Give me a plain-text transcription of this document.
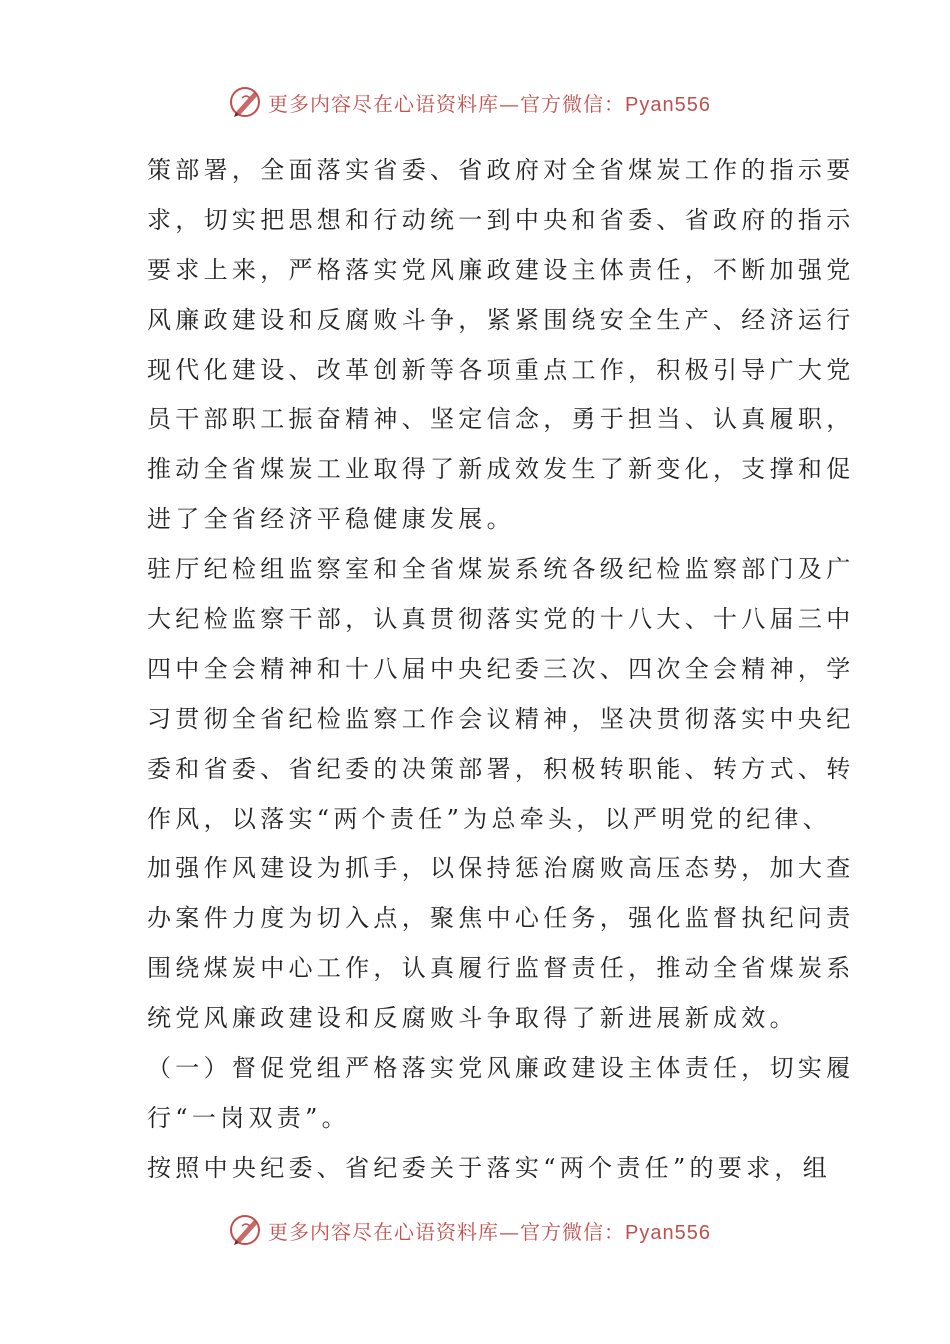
更多内容尽在心语资料库—官方微信：Pyan556
策部署，全面落实省委、省政府对全省煤炭工作的指示要
求，切实把思想和行动统一到中央和省委、省政府的指示
要求上来，严格落实党风廉政建设主体责任，不断加强党
风廉政建设和反腐败斗争，紧紧围绕安全生产、经济运行
现代化建设、改革创新等各项重点工作，积极引导广大党
员干部职工振奋精神、坚定信念，勇于担当、认真履职，
推动全省煤炭工业取得了新成效发生了新变化，支撑和促
进了全省经济平稳健康发展。
驻厅纪检组监察室和全省煤炭系统各级纪检监察部门及广
大纪检监察干部，认真贯彻落实党的十八大、十八届三中
四中全会精神和十八届中央纪委三次、四次全会精神，学
习贯彻全省纪检监察工作会议精神，坚决贯彻落实中央纪
委和省委、省纪委的决策部署，积极转职能、转方式、转
作风，以落实“两个责任”为总牵头，以严明党的纪律、
加强作风建设为抓手，以保持惩治腐败高压态势，加大查
办案件力度为切入点，聚焦中心任务，强化监督执纪问责
围绕煤炭中心工作，认真履行监督责任，推动全省煤炭系
统党风廉政建设和反腐败斗争取得了新进展新成效。
（一）督促党组严格落实党风廉政建设主体责任，切实履
行“一岗双责”。
按照中央纪委、省纪委关于落实“两个责任”的要求，组
更多内容尽在心语资料库—官方微信：Pyan556
